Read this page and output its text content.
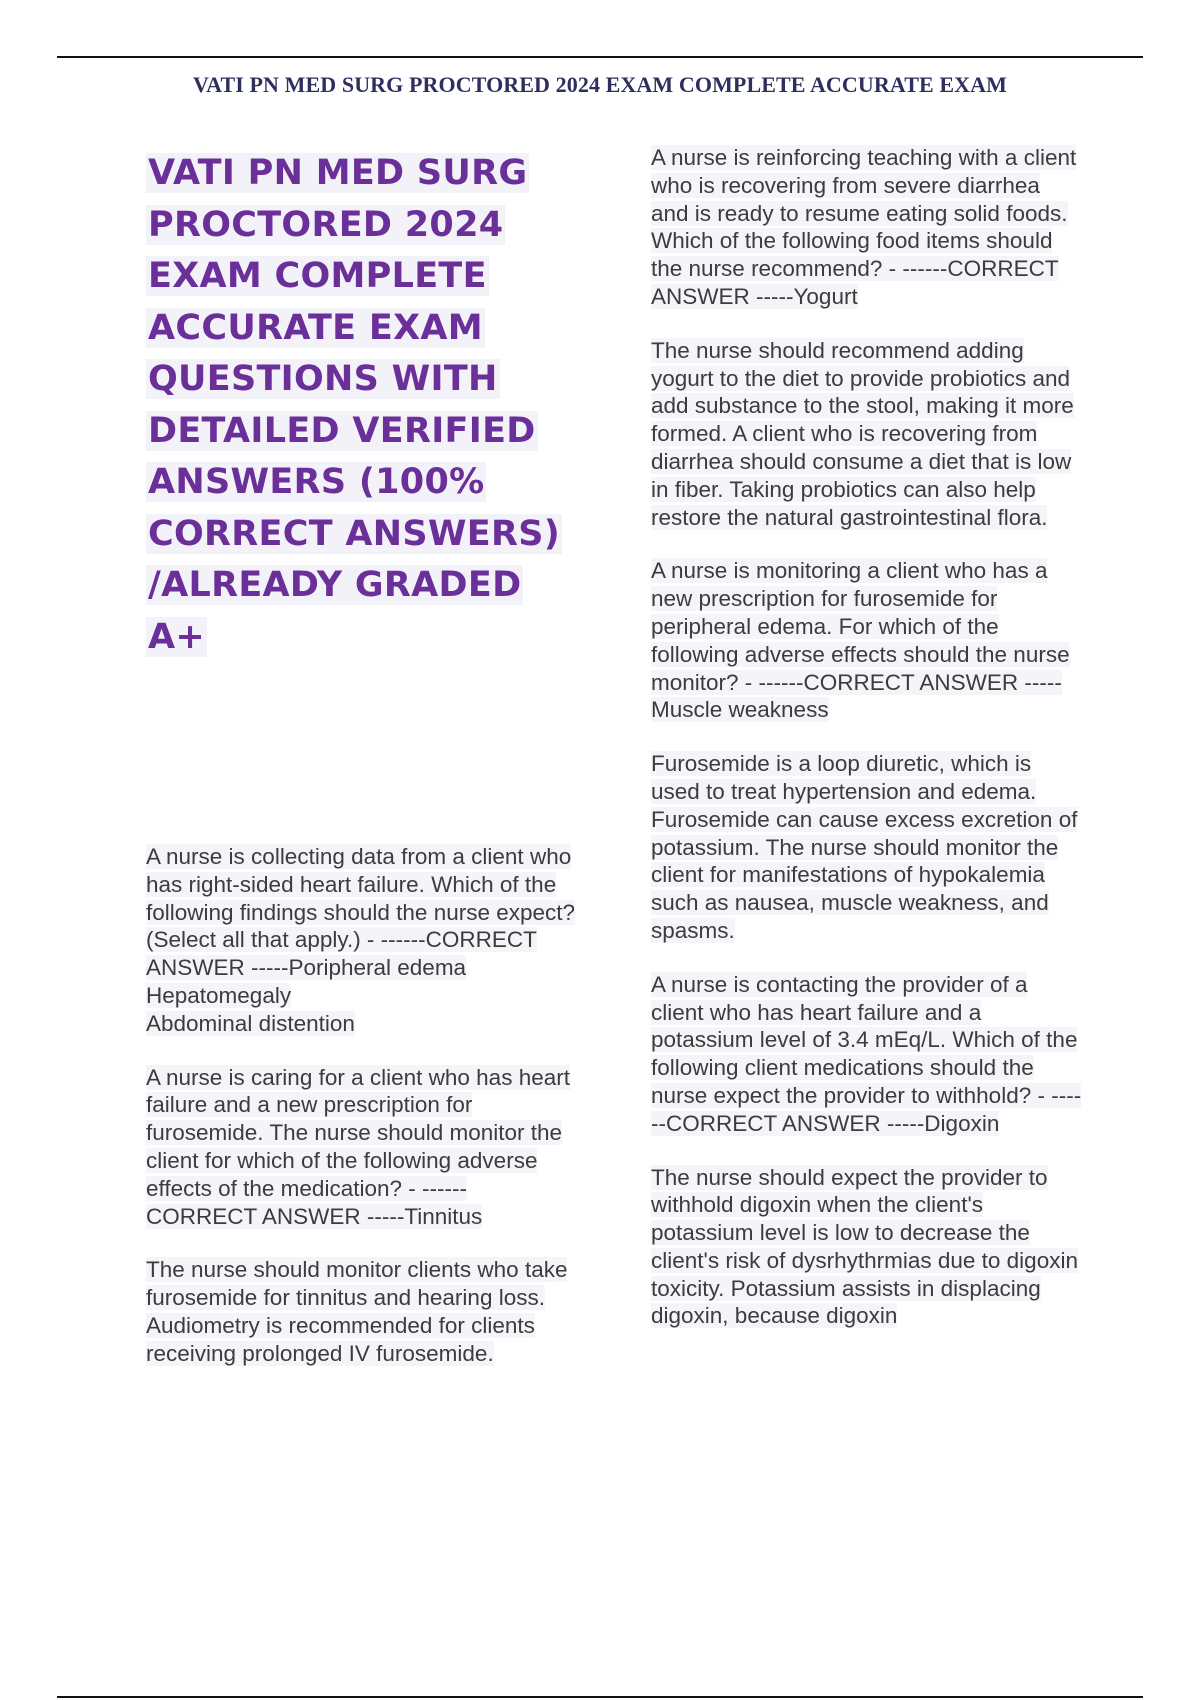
VATI PN MED SURG PROCTORED 2024 EXAM COMPLETE ACCURATE EXAM
VATI PN MED SURG PROCTORED 2024 EXAM COMPLETE ACCURATE EXAM QUESTIONS WITH DETAILED VERIFIED ANSWERS (100% CORRECT ANSWERS) /ALREADY GRADED A+

A nurse is collecting data from a client who has right-sided heart failure. Which of the following findings should the nurse expect? (Select all that apply.) - ------CORRECT ANSWER -----Poripheral edema
Hepatomegaly
Abdominal distention

A nurse is caring for a client who has heart failure and a new prescription for furosemide. The nurse should monitor the client for which of the following adverse effects of the medication? - ------CORRECT ANSWER -----Tinnitus

The nurse should monitor clients who take furosemide for tinnitus and hearing loss. Audiometry is recommended for clients receiving prolonged IV furosemide.

A nurse is reinforcing teaching with a client who is recovering from severe diarrhea and is ready to resume eating solid foods. Which of the following food items should the nurse recommend? - ------CORRECT ANSWER -----Yogurt

The nurse should recommend adding yogurt to the diet to provide probiotics and add substance to the stool, making it more formed. A client who is recovering from diarrhea should consume a diet that is low in fiber. Taking probiotics can also help restore the natural gastrointestinal flora.

A nurse is monitoring a client who has a new prescription for furosemide for peripheral edema. For which of the following adverse effects should the nurse monitor? - ------CORRECT ANSWER -----Muscle weakness

Furosemide is a loop diuretic, which is used to treat hypertension and edema. Furosemide can cause excess excretion of potassium. The nurse should monitor the client for manifestations of hypokalemia such as nausea, muscle weakness, and spasms.

A nurse is contacting the provider of a client who has heart failure and a potassium level of 3.4 mEq/L. Which of the following client medications should the nurse expect the provider to withhold? - ------CORRECT ANSWER -----Digoxin

The nurse should expect the provider to withhold digoxin when the client's potassium level is low to decrease the client's risk of dysrhythrmias due to digoxin toxicity. Potassium assists in displacing digoxin, because digoxin
